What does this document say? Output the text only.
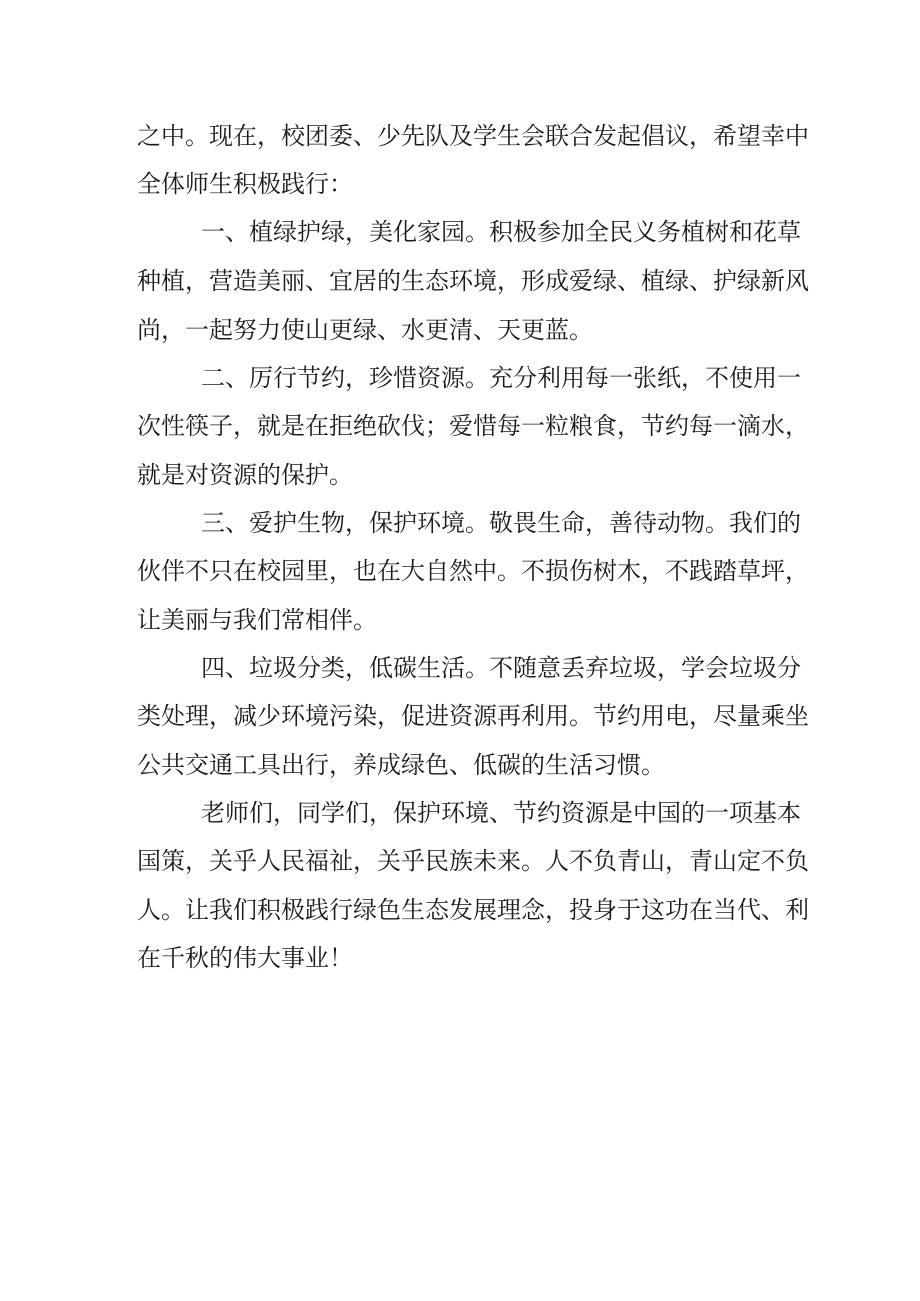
之中。现在，校团委、少先队及学生会联合发起倡议，希望幸中
全体师生积极践行：
一、植绿护绿，美化家园。积极参加全民义务植树和花草
种植，营造美丽、宜居的生态环境，形成爱绿、植绿、护绿新风
尚，一起努力使山更绿、水更清、天更蓝。
二、厉行节约，珍惜资源。充分利用每一张纸，不使用一
次性筷子，就是在拒绝砍伐；爱惜每一粒粮食，节约每一滴水，
就是对资源的保护。
三、爱护生物，保护环境。敬畏生命，善待动物。我们的
伙伴不只在校园里，也在大自然中。不损伤树木，不践踏草坪，
让美丽与我们常相伴。
四、垃圾分类，低碳生活。不随意丢弃垃圾，学会垃圾分
类处理，减少环境污染，促进资源再利用。节约用电，尽量乘坐
公共交通工具出行，养成绿色、低碳的生活习惯。
老师们，同学们，保护环境、节约资源是中国的一项基本
国策，关乎人民福祉，关乎民族未来。人不负青山，青山定不负
人。让我们积极践行绿色生态发展理念，投身于这功在当代、利
在千秋的伟大事业！
